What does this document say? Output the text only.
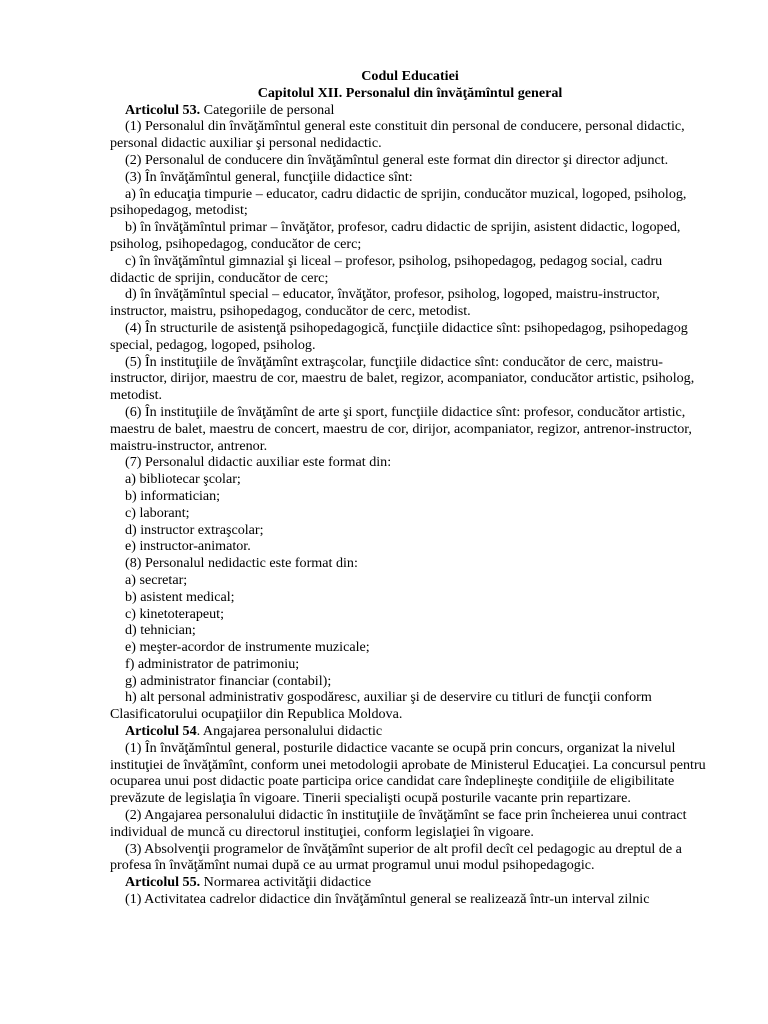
Codul Educatiei

Capitolul XII. Personalul din învăţămîntul general

Articolul 53. Categoriile de personal

(1) Personalul din învăţămîntul general este constituit din personal de conducere, personal didactic, personal didactic auxiliar şi personal nedidactic.

(2) Personalul de conducere din învăţămîntul general este format din director şi director adjunct.

(3) În învăţămîntul general, funcţiile didactice sînt:

a) în educaţia timpurie – educator, cadru didactic de sprijin, conducător muzical, logoped, psiholog, psihopedagog, metodist;

b) în învăţămîntul primar – învăţător, profesor, cadru didactic de sprijin, asistent didactic, logoped, psiholog, psihopedagog, conducător de cerc;

c) în învăţămîntul gimnazial şi liceal – profesor, psiholog, psihopedagog, pedagog social, cadru didactic de sprijin, conducător de cerc;

d) în învăţămîntul special – educator, învăţător, profesor, psiholog, logoped, maistru-instructor, instructor, maistru, psihopedagog, conducător de cerc, metodist.

(4) În structurile de asistenţă psihopedagogică, funcţiile didactice sînt: psihopedagog, psihopedagog special, pedagog, logoped, psiholog.

(5) În instituţiile de învăţămînt extraşcolar, funcţiile didactice sînt: conducător de cerc, maistru-instructor, dirijor, maestru de cor, maestru de balet, regizor, acompaniator, conducător artistic, psiholog, metodist.

(6) În instituţiile de învăţămînt de arte şi sport, funcţiile didactice sînt: profesor, conducător artistic, maestru de balet, maestru de concert, maestru de cor, dirijor, acompaniator, regizor, antrenor-instructor, maistru-instructor, antrenor.

(7) Personalul didactic auxiliar este format din:

a) bibliotecar şcolar;

b) informatician;

c) laborant;

d) instructor extraşcolar;

e) instructor-animator.

(8) Personalul nedidactic este format din:

a) secretar;

b) asistent medical;

c) kinetoterapeut;

d) tehnician;

e) meşter-acordor de instrumente muzicale;

f) administrator de patrimoniu;

g) administrator financiar (contabil);

h) alt personal administrativ gospodăresc, auxiliar şi de deservire cu titluri de funcţii conform Clasificatorului ocupaţiilor din Republica Moldova.

Articolul 54. Angajarea personalului didactic

(1) În învăţămîntul general, posturile didactice vacante se ocupă prin concurs, organizat la nivelul instituţiei de învăţămînt, conform unei metodologii aprobate de Ministerul Educaţiei. La concursul pentru ocuparea unui post didactic poate participa orice candidat care îndeplineşte condiţiile de eligibilitate prevăzute de legislaţia în vigoare. Tinerii specialişti ocupă posturile vacante prin repartizare.

(2) Angajarea personalului didactic în instituţiile de învăţămînt se face prin încheierea unui contract individual de muncă cu directorul instituţiei, conform legislaţiei în vigoare.

(3) Absolvenţii programelor de învăţămînt superior de alt profil decît cel pedagogic au dreptul de a profesa în învăţămînt numai după ce au urmat programul unui modul psihopedagogic.

Articolul 55. Normarea activităţii didactice

(1) Activitatea cadrelor didactice din învăţămîntul general se realizează într-un interval zilnic
